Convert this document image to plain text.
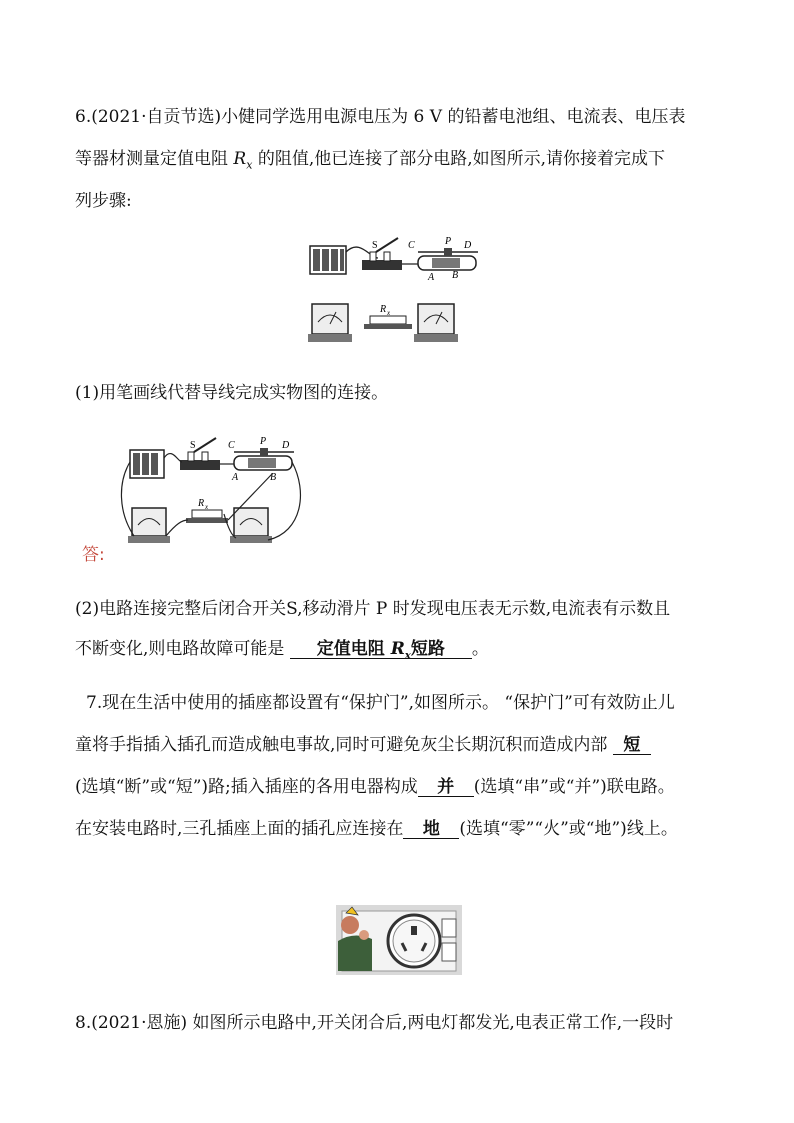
6.(2021·自贡节选)小健同学选用电源电压为 6 V 的铅蓄电池组、电流表、电压表
等器材测量定值电阻 $R_x$ 的阻值,他已连接了部分电路,如图所示,请你接着完成下
列步骤:
S	C	P D
A B
R x
(1)用笔画线代替导线完成实物图的连接。
S	C	P D
A	B
R x
答:
(2)电路连接完整后闭合开关S,移动滑片 P 时发现电压表无示数,电流表有示数且
不断变化,则电路故障可能是 定值电阻 $R_x$短路 。
7.现在生活中使用的插座都设置有“保护门”,如图所示。 “保护门”可有效防止儿
童将手指插入插孔而造成触电事故,同时可避免灰尘长期沉积而造成内部 短
(选填“断”或“短”)路;插入插座的各用电器构成 并 (选填“串”或“并”)联电路。
在安装电路时,三孔插座上面的插孔应连接在 地 (选填“零”“火”或“地”)线上。
8.(2021·恩施) 如图所示电路中,开关闭合后,两电灯都发光,电表正常工作,一段时
